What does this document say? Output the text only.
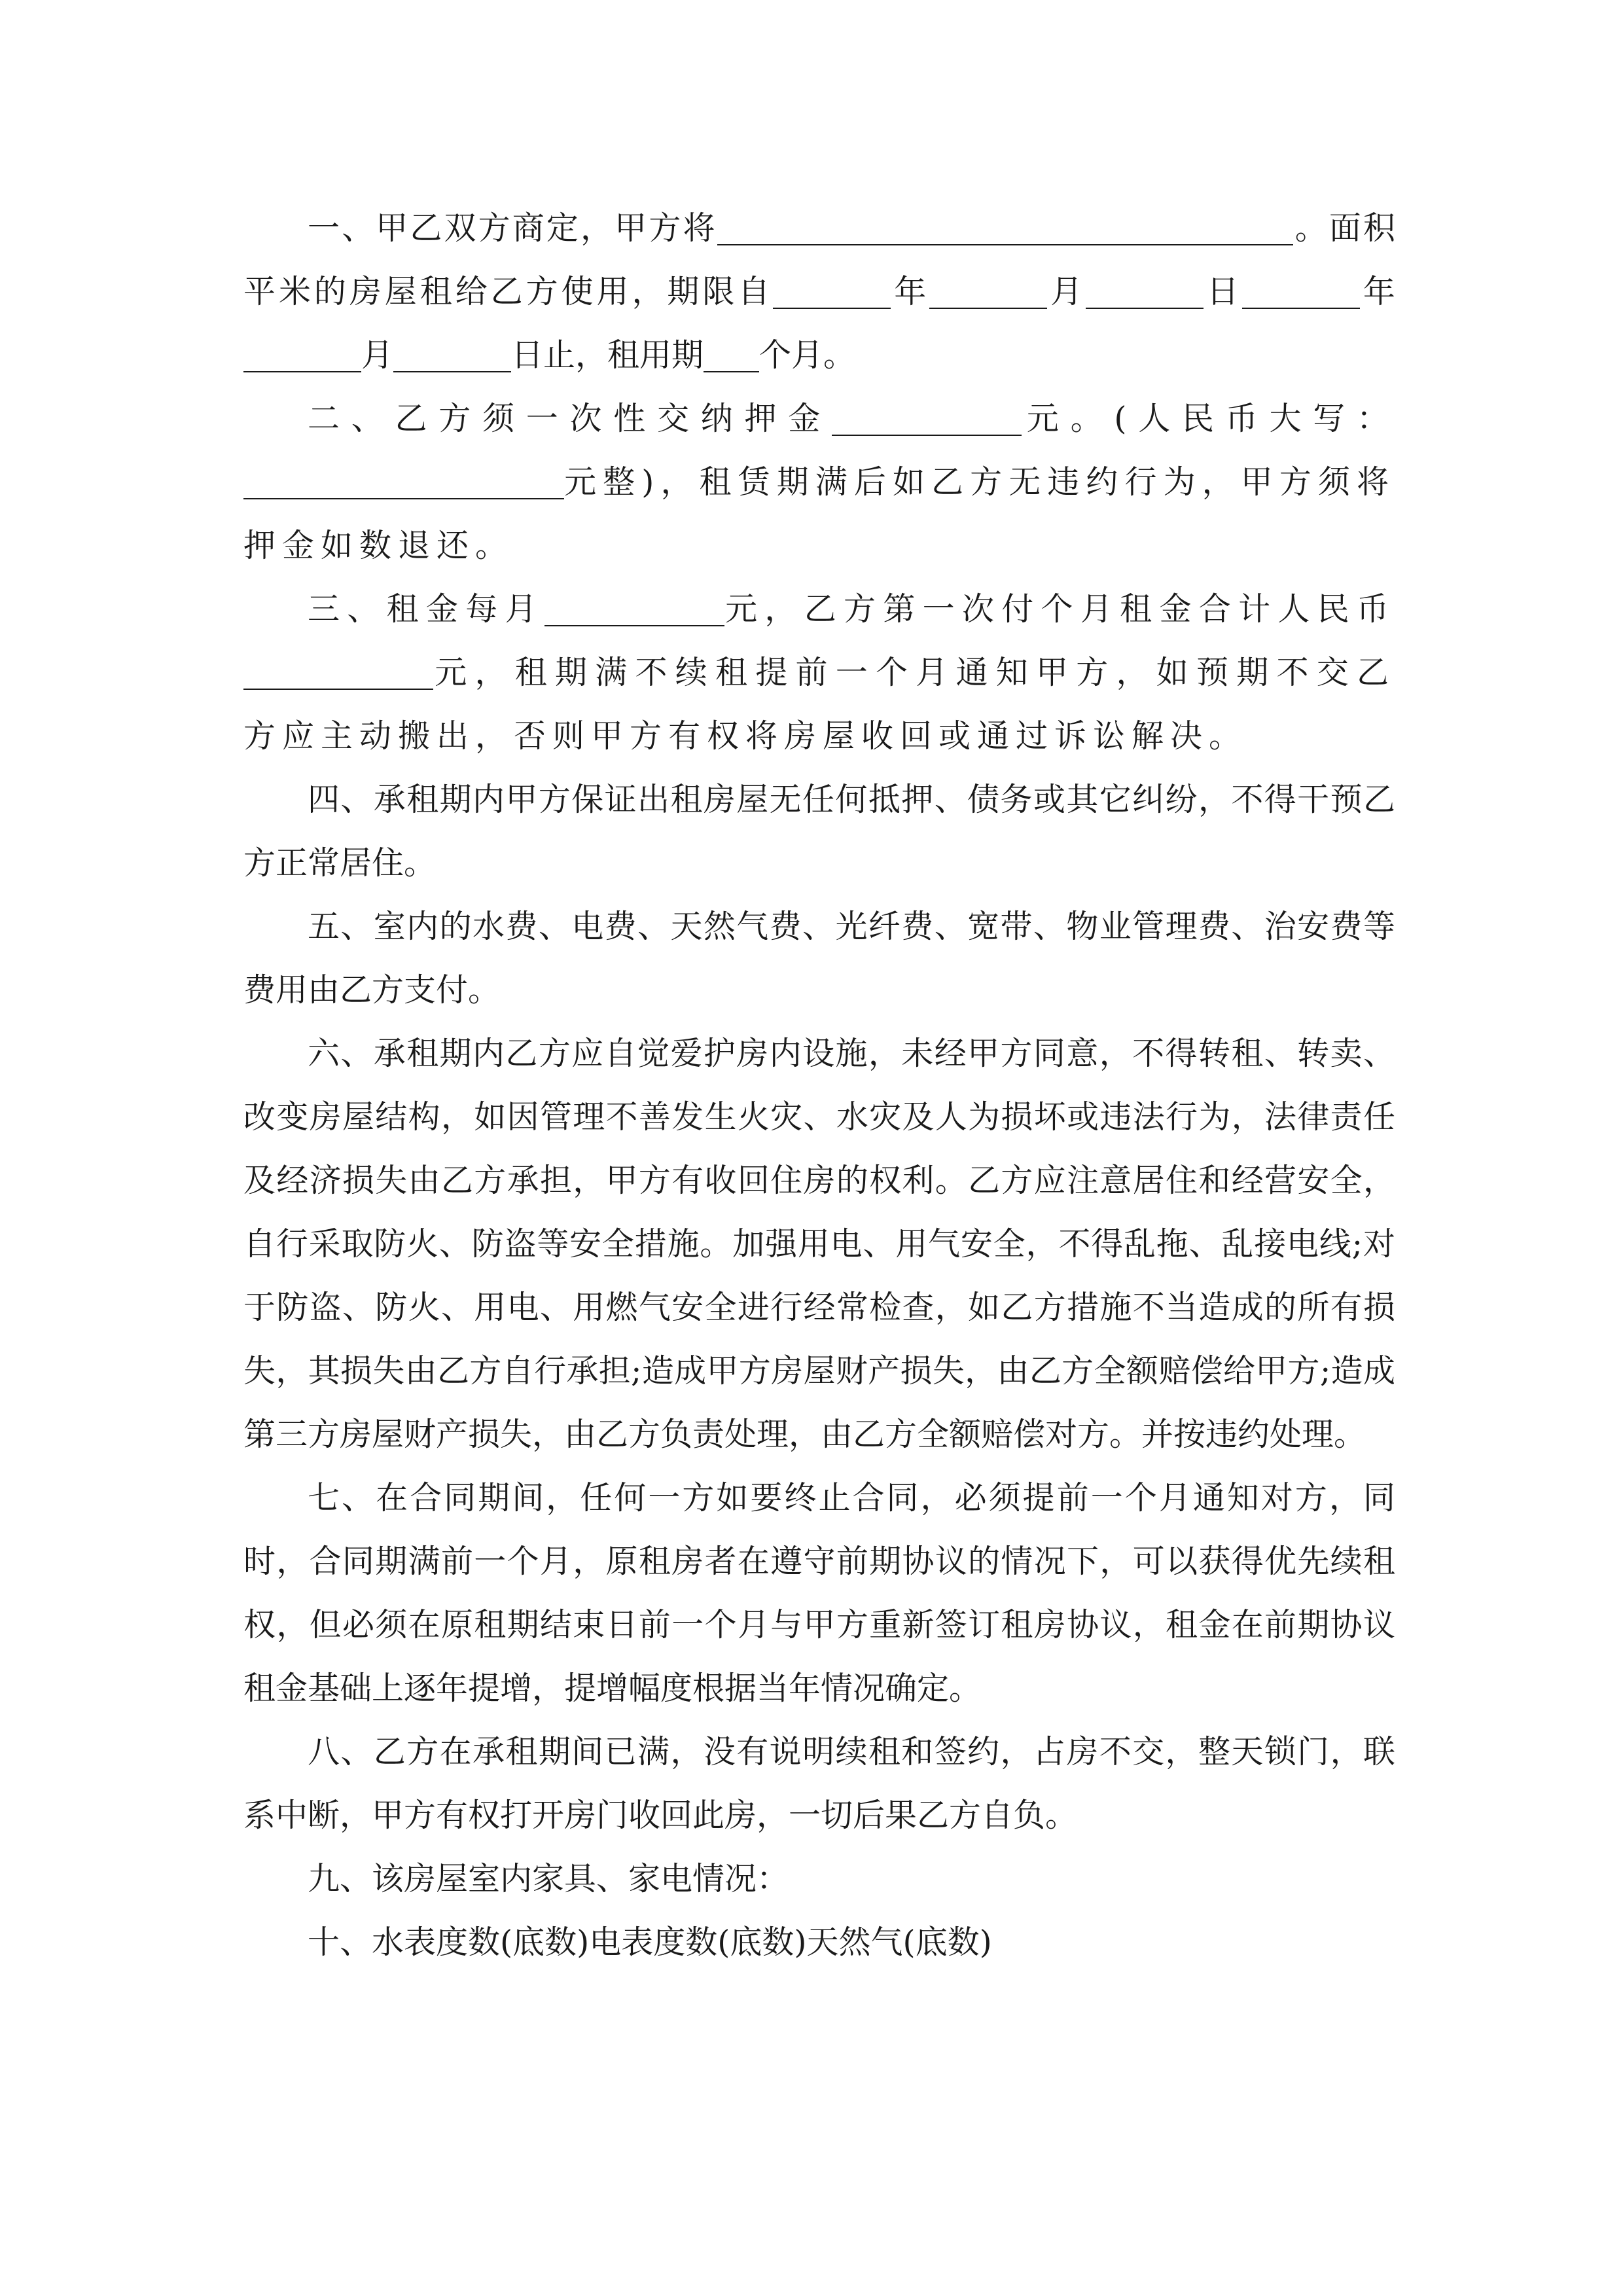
一、甲乙双方商定，甲方将	。面积平米的房屋租给乙方使用，期限自	年	月	日	年月	日止，租用期 个月。

二、乙方须一次性交纳押金	元。(人民币大写：元整)，租赁期满后如乙方无违约行为，甲方须将押金如数退还。

三、租金每月	元，乙方第一次付个月租金合计人民币元，租期满不续租提前一个月通知甲方，如预期不交乙方应主动搬出，否则甲方有权将房屋收回或通过诉讼解决。

四、承租期内甲方保证出租房屋无任何抵押、债务或其它纠纷，不得干预乙方正常居住。

五、室内的水费、电费、天然气费、光纤费、宽带、物业管理费、治安费等费用由乙方支付。

六、承租期内乙方应自觉爱护房内设施，未经甲方同意，不得转租、转卖、改变房屋结构，如因管理不善发生火灾、水灾及人为损坏或违法行为，法律责任及经济损失由乙方承担，甲方有收回住房的权利。乙方应注意居住和经营安全，自行采取防火、防盗等安全措施。加强用电、用气安全，不得乱拖、乱接电线;对于防盗、防火、用电、用燃气安全进行经常检查，如乙方措施不当造成的所有损失，其损失由乙方自行承担;造成甲方房屋财产损失，由乙方全额赔偿给甲方;造成第三方房屋财产损失，由乙方负责处理，由乙方全额赔偿对方。并按违约处理。

七、在合同期间，任何一方如要终止合同，必须提前一个月通知对方，同时，合同期满前一个月，原租房者在遵守前期协议的情况下，可以获得优先续租权，但必须在原租期结束日前一个月与甲方重新签订租房协议，租金在前期协议租金基础上逐年提增，提增幅度根据当年情况确定。

八、乙方在承租期间已满，没有说明续租和签约，占房不交，整天锁门，联系中断，甲方有权打开房门收回此房，一切后果乙方自负。

九、该房屋室内家具、家电情况：

十、水表度数(底数)电表度数(底数)天然气(底数)
